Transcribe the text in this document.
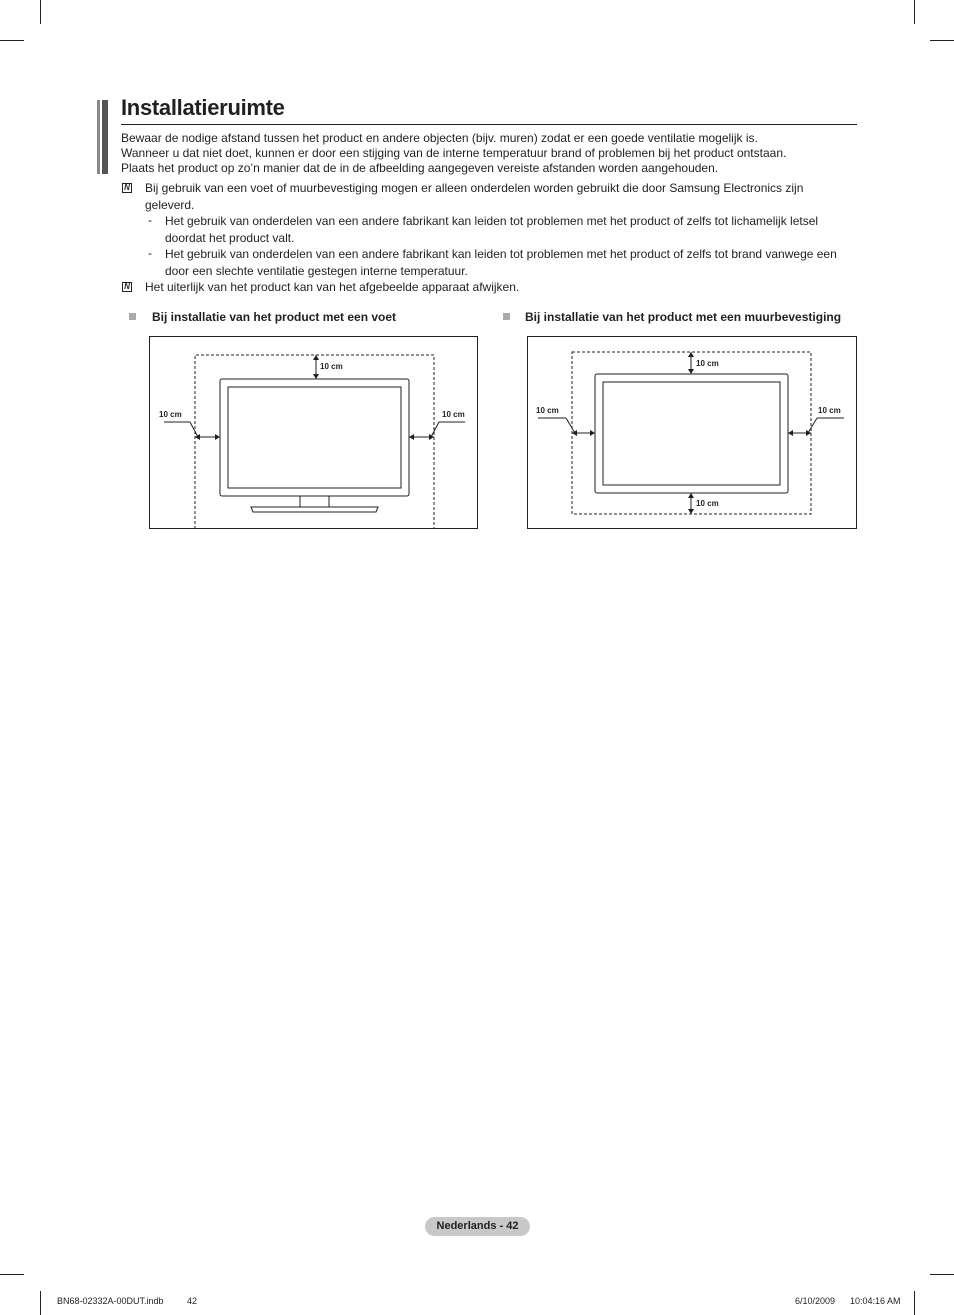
Installatieruimte
Bewaar de nodige afstand tussen het product en andere objecten (bijv. muren) zodat er een goede ventilatie mogelijk is.
Wanneer u dat niet doet, kunnen er door een stijging van de interne temperatuur brand of problemen bij het product ontstaan.
Plaats het product op zo’n manier dat de in de afbeelding aangegeven vereiste afstanden worden aangehouden.
N Bij gebruik van een voet of muurbevestiging mogen er alleen onderdelen worden gebruikt die door Samsung Electronics zijn geleverd.
- Het gebruik van onderdelen van een andere fabrikant kan leiden tot problemen met het product of zelfs tot lichamelijk letsel doordat het product valt.
- Het gebruik van onderdelen van een andere fabrikant kan leiden tot problemen met het product of zelfs tot brand vanwege een door een slechte ventilatie gestegen interne temperatuur.
N Het uiterlijk van het product kan van het afgebeelde apparaat afwijken.
Bij installatie van het product met een voet	Bij installatie van het product met een muurbevestiging
10 cm
10 cm	10 cm
10 cm
10 cm	10 cm
10 cm
Nederlands - 42
BN68-02332A-00DUT.indb	42	6/10/2009 10:04:16 AM
